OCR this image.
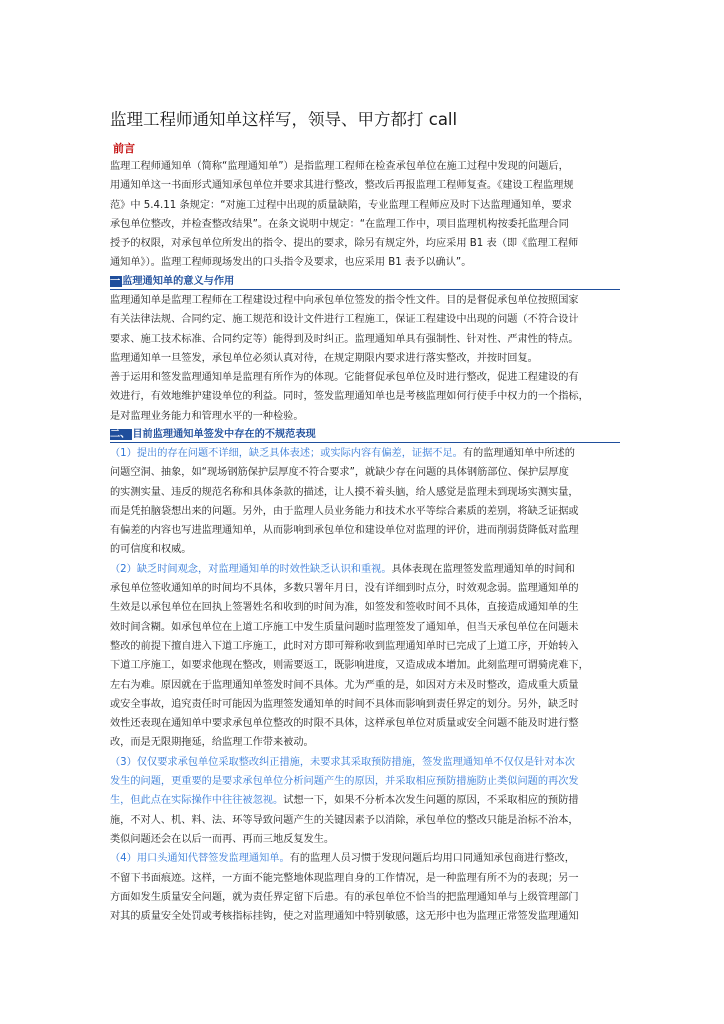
监理工程师通知单这样写，领导、甲方都打 call
前言

监理工程师通知单（简称“监理通知单”）是指监理工程师在检查承包单位在施工过程中发现的问题后，

用通知单这一书面形式通知承包单位并要求其进行整改，整改后再报监理工程师复查。《建设工程监理规

范》中 5.4.11 条规定：“对施工过程中出现的质量缺陷，专业监理工程师应及时下达监理通知单，要求

承包单位整改，并检查整改结果”。在条文说明中规定：“在监理工作中，项目监理机构按委托监理合同

授予的权限，对承包单位所发出的指令、提出的要求，除另有规定外，均应采用 B1 表（即《监理工程师

通知单》）。监理工程师现场发出的口头指令及要求，也应采用 B1 表予以确认”。

一 监理通知单的意义与作用

监理通知单是监理工程师在工程建设过程中向承包单位签发的指令性文件。目的是督促承包单位按照国家

有关法律法规、合同约定、施工规范和设计文件进行工程施工，保证工程建设中出现的问题（不符合设计

要求、施工技术标准、合同约定等）能得到及时纠正。监理通知单具有强制性、针对性、严肃性的特点。

监理通知单一旦签发，承包单位必须认真对待，在规定期限内要求进行落实整改，并按时回复。

善于运用和签发监理通知单是监理有所作为的体现。它能督促承包单位及时进行整改，促进工程建设的有

效进行，有效地维护建设单位的利益。同时，签发监理通知单也是考核监理如何行使手中权力的一个指标，

是对监理业务能力和管理水平的一种检验。

二、 目前监理通知单签发中存在的不规范表现

（1）提出的存在问题不详细，缺乏具体表述；或实际内容有偏差，证据不足。有的监理通知单中所述的

问题空洞、抽象，如“现场钢筋保护层厚度不符合要求”，就缺少存在问题的具体钢筋部位、保护层厚度

的实测实量、违反的规范名称和具体条款的描述，让人摸不着头脑，给人感觉是监理未到现场实测实量，

而是凭拍脑袋想出来的问题。另外，由于监理人员业务能力和技术水平等综合素质的差别，将缺乏证据或

有偏差的内容也写进监理通知单，从而影响到承包单位和建设单位对监理的评价，进而削弱货降低对监理

的可信度和权威。

（2）缺乏时间观念，对监理通知单的时效性缺乏认识和重视。具体表现在监理签发监理通知单的时间和

承包单位签收通知单的时间均不具体，多数只署年月日，没有详细到时点分，时效观念弱。监理通知单的

生效是以承包单位在回执上签署姓名和收到的时间为准，如签发和签收时间不具体，直接造成通知单的生

效时间含糊。如承包单位在上道工序施工中发生质量问题时监理签发了通知单，但当天承包单位在问题未

整改的前提下擅自进入下道工序施工，此时对方即可辩称收到监理通知单时已完成了上道工序，开始转入

下道工序施工，如要求他现在整改，则需要返工，既影响进度，又造成成本增加。此刻监理可谓骑虎难下，

左右为难。原因就在于监理通知单签发时间不具体。尤为严重的是，如因对方未及时整改，造成重大质量

或安全事故，追究责任时可能因为监理签发通知单的时间不具体而影响到责任界定的划分。另外，缺乏时

效性还表现在通知单中要求承包单位整改的时限不具体，这样承包单位对质量或安全问题不能及时进行整

改，而是无限期拖延，给监理工作带来被动。

（3）仅仅要求承包单位采取整改纠正措施，未要求其采取预防措施，签发监理通知单不仅仅是针对本次

发生的问题，更重要的是要求承包单位分析问题产生的原因，并采取相应预防措施防止类似问题的再次发

生，但此点在实际操作中往往被忽视。试想一下，如果不分析本次发生问题的原因，不采取相应的预防措

施，不对人、机、料、法、环等导致问题产生的关键因素予以消除，承包单位的整改只能是治标不治本，

类似问题还会在以后一而再、再而三地反复发生。

（4）用口头通知代替签发监理通知单。有的监理人员习惯于发现问题后均用口同通知承包商进行整改，

不留下书面痕迹。这样，一方面不能完整地体现监理自身的工作情况，是一种监理有所不为的表现；另一

方面如发生质量安全问题，就为责任界定留下后患。有的承包单位不恰当的把监理通知单与上级管理部门

对其的质量安全处罚或考核指标挂钩，使之对监理通知中特别敏感，这无形中也为监理正常签发监理通知
